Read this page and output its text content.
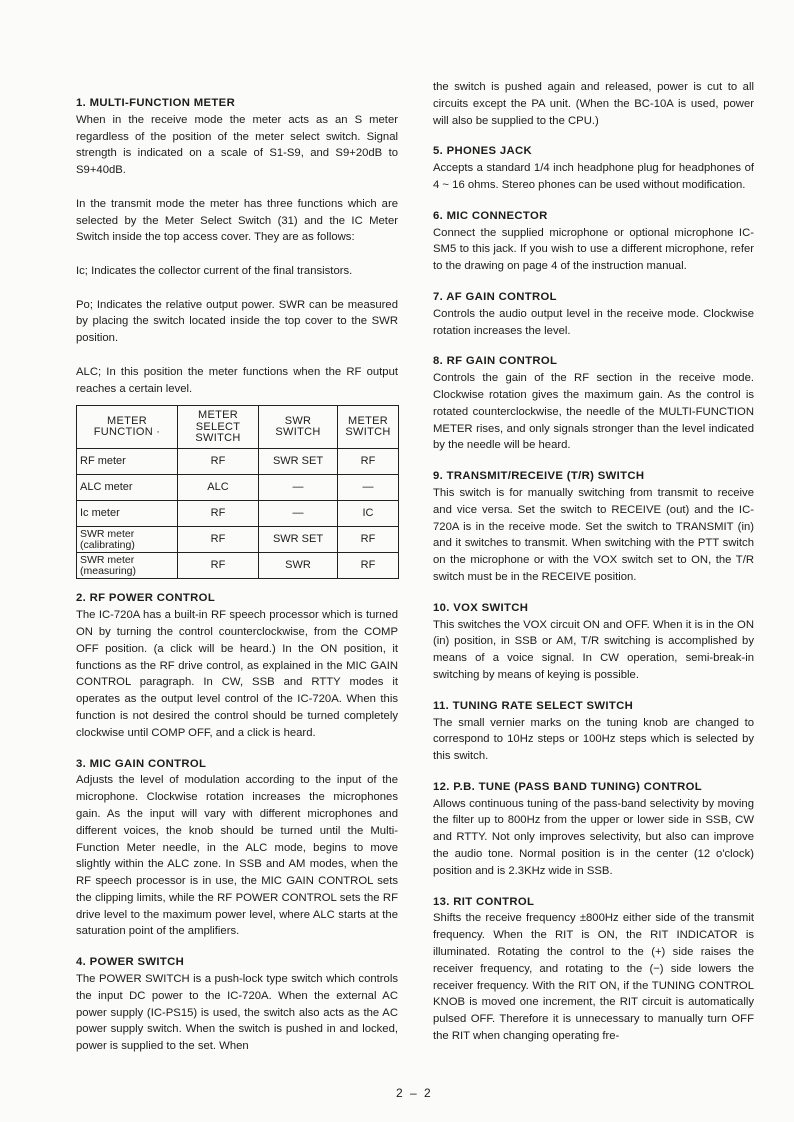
1. MULTI-FUNCTION METER

When in the receive mode the meter acts as an S meter regardless of the position of the meter select switch. Signal strength is indicated on a scale of S1-S9, and S9+20dB to S9+40dB.

In the transmit mode the meter has three functions which are selected by the Meter Select Switch (31) and the IC Meter Switch inside the top access cover. They are as follows:

Ic; Indicates the collector current of the final transistors.

Po; Indicates the relative output power. SWR can be measured by placing the switch located inside the top cover to the SWR position.

ALC; In this position the meter functions when the RF output reaches a certain level.

METER FUNCTION ·	METER SELECT SWITCH	SWR SWITCH	METER SWITCH
RF meter	RF	SWR SET	RF
ALC meter	ALC	—	—
Ic meter	RF	—	IC
SWR meter (calibrating)	RF	SWR SET	RF
SWR meter (measuring)	RF	SWR	RF
2. RF POWER CONTROL

The IC-720A has a built-in RF speech processor which is turned ON by turning the control counterclockwise, from the COMP OFF position. (a click will be heard.) In the ON position, it functions as the RF drive control, as explained in the MIC GAIN CONTROL paragraph. In CW, SSB and RTTY modes it operates as the output level control of the IC-720A. When this function is not desired the control should be turned completely clockwise until COMP OFF, and a click is heard.

3. MIC GAIN CONTROL

Adjusts the level of modulation according to the input of the microphone. Clockwise rotation increases the microphones gain. As the input will vary with different microphones and different voices, the knob should be turned until the Multi-Function Meter needle, in the ALC mode, begins to move slightly within the ALC zone. In SSB and AM modes, when the RF speech processor is in use, the MIC GAIN CONTROL sets the clipping limits, while the RF POWER CONTROL sets the RF drive level to the maximum power level, where ALC starts at the saturation point of the amplifiers.

4. POWER SWITCH

The POWER SWITCH is a push-lock type switch which controls the input DC power to the IC-720A. When the external AC power supply (IC-PS15) is used, the switch also acts as the AC power supply switch. When the switch is pushed in and locked, power is supplied to the set. When

the switch is pushed again and released, power is cut to all circuits except the PA unit. (When the BC-10A is used, power will also be supplied to the CPU.)

5. PHONES JACK

Accepts a standard 1/4 inch headphone plug for headphones of 4 ~ 16 ohms. Stereo phones can be used without modification.

6. MIC CONNECTOR

Connect the supplied microphone or optional microphone IC-SM5 to this jack. If you wish to use a different microphone, refer to the drawing on page 4 of the instruction manual.

7. AF GAIN CONTROL

Controls the audio output level in the receive mode. Clockwise rotation increases the level.

8. RF GAIN CONTROL

Controls the gain of the RF section in the receive mode. Clockwise rotation gives the maximum gain. As the control is rotated counterclockwise, the needle of the MULTI-FUNCTION METER rises, and only signals stronger than the level indicated by the needle will be heard.

9. TRANSMIT/RECEIVE (T/R) SWITCH

This switch is for manually switching from transmit to receive and vice versa. Set the switch to RECEIVE (out) and the IC-720A is in the receive mode. Set the switch to TRANSMIT (in) and it switches to transmit. When switching with the PTT switch on the microphone or with the VOX switch set to ON, the T/R switch must be in the RECEIVE position.

10. VOX SWITCH

This switches the VOX circuit ON and OFF. When it is in the ON (in) position, in SSB or AM, T/R switching is accomplished by means of a voice signal. In CW operation, semi-break-in switching by means of keying is possible.

11. TUNING RATE SELECT SWITCH

The small vernier marks on the tuning knob are changed to correspond to 10Hz steps or 100Hz steps which is selected by this switch.

12. P.B. TUNE (PASS BAND TUNING) CONTROL

Allows continuous tuning of the pass-band selectivity by moving the filter up to 800Hz from the upper or lower side in SSB, CW and RTTY. Not only improves selectivity, but also can improve the audio tone. Normal position is in the center (12 o'clock) position and is 2.3KHz wide in SSB.

13. RIT CONTROL

Shifts the receive frequency ±800Hz either side of the transmit frequency. When the RIT is ON, the RIT INDICATOR is illuminated. Rotating the control to the (+) side raises the receiver frequency, and rotating to the (−) side lowers the receiver frequency. With the RIT ON, if the TUNING CONTROL KNOB is moved one increment, the RIT circuit is automatically pulsed OFF. Therefore it is unnecessary to manually turn OFF the RIT when changing operating fre-

2 – 2
